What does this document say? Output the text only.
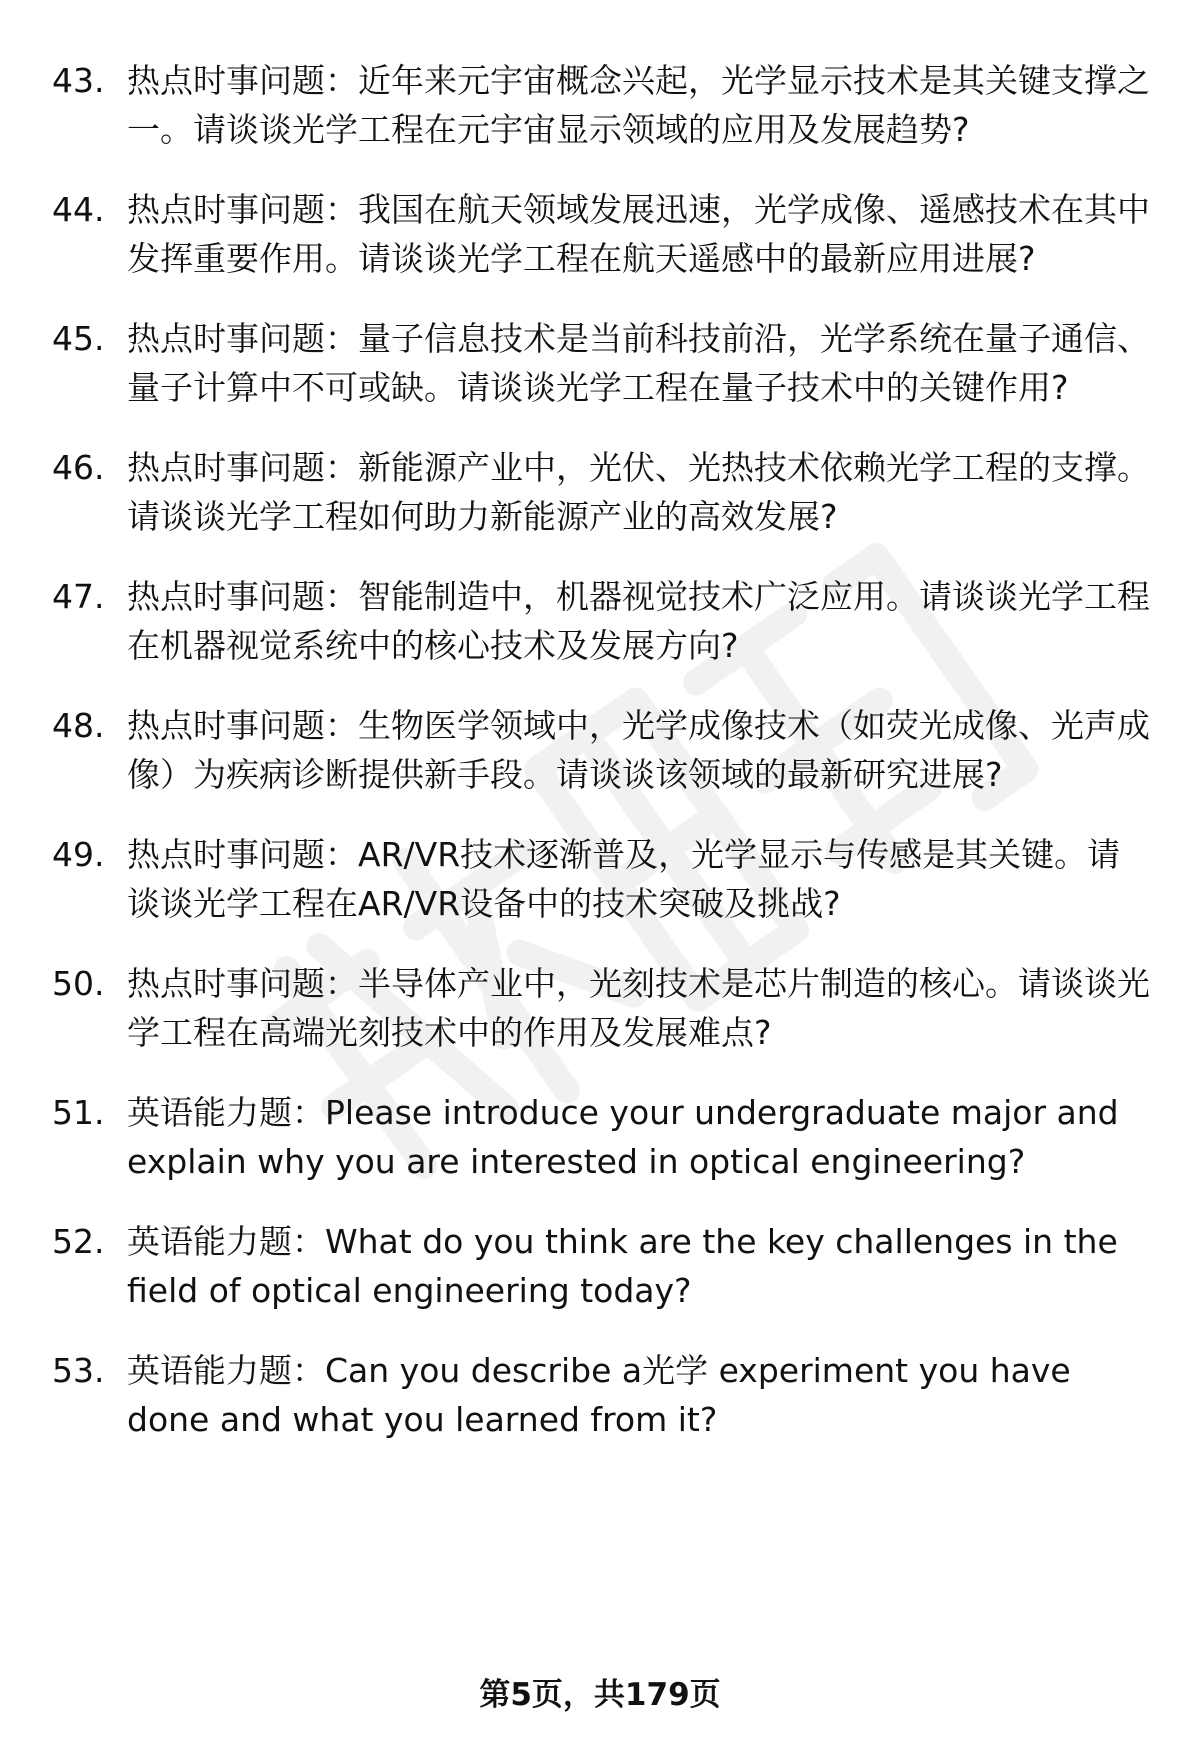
43. 热点时事问题：近年来元宇宙概念兴起，光学显示技术是其关键支撑之一。请谈谈光学工程在元宇宙显示领域的应用及发展趋势?
44. 热点时事问题：我国在航天领域发展迅速，光学成像、遥感技术在其中发挥重要作用。请谈谈光学工程在航天遥感中的最新应用进展?
45. 热点时事问题：量子信息技术是当前科技前沿，光学系统在量子通信、量子计算中不可或缺。请谈谈光学工程在量子技术中的关键作用?
46. 热点时事问题：新能源产业中，光伏、光热技术依赖光学工程的支撑。请谈谈光学工程如何助力新能源产业的高效发展?
47. 热点时事问题：智能制造中，机器视觉技术广泛应用。请谈谈光学工程在机器视觉系统中的核心技术及发展方向?
48. 热点时事问题：生物医学领域中，光学成像技术（如荧光成像、光声成像）为疾病诊断提供新手段。请谈谈该领域的最新研究进展?
49. 热点时事问题：AR/VR技术逐渐普及，光学显示与传感是其关键。请谈谈光学工程在AR/VR设备中的技术突破及挑战?
50. 热点时事问题：半导体产业中，光刻技术是芯片制造的核心。请谈谈光学工程在高端光刻技术中的作用及发展难点?
51. 英语能力题：Please introduce your undergraduate major and explain why you are interested in optical engineering?
52. 英语能力题：What do you think are the key challenges in the field of optical engineering today?
53. 英语能力题：Can you describe a光学 experiment you have done and what you learned from it?
第5页，共179页
